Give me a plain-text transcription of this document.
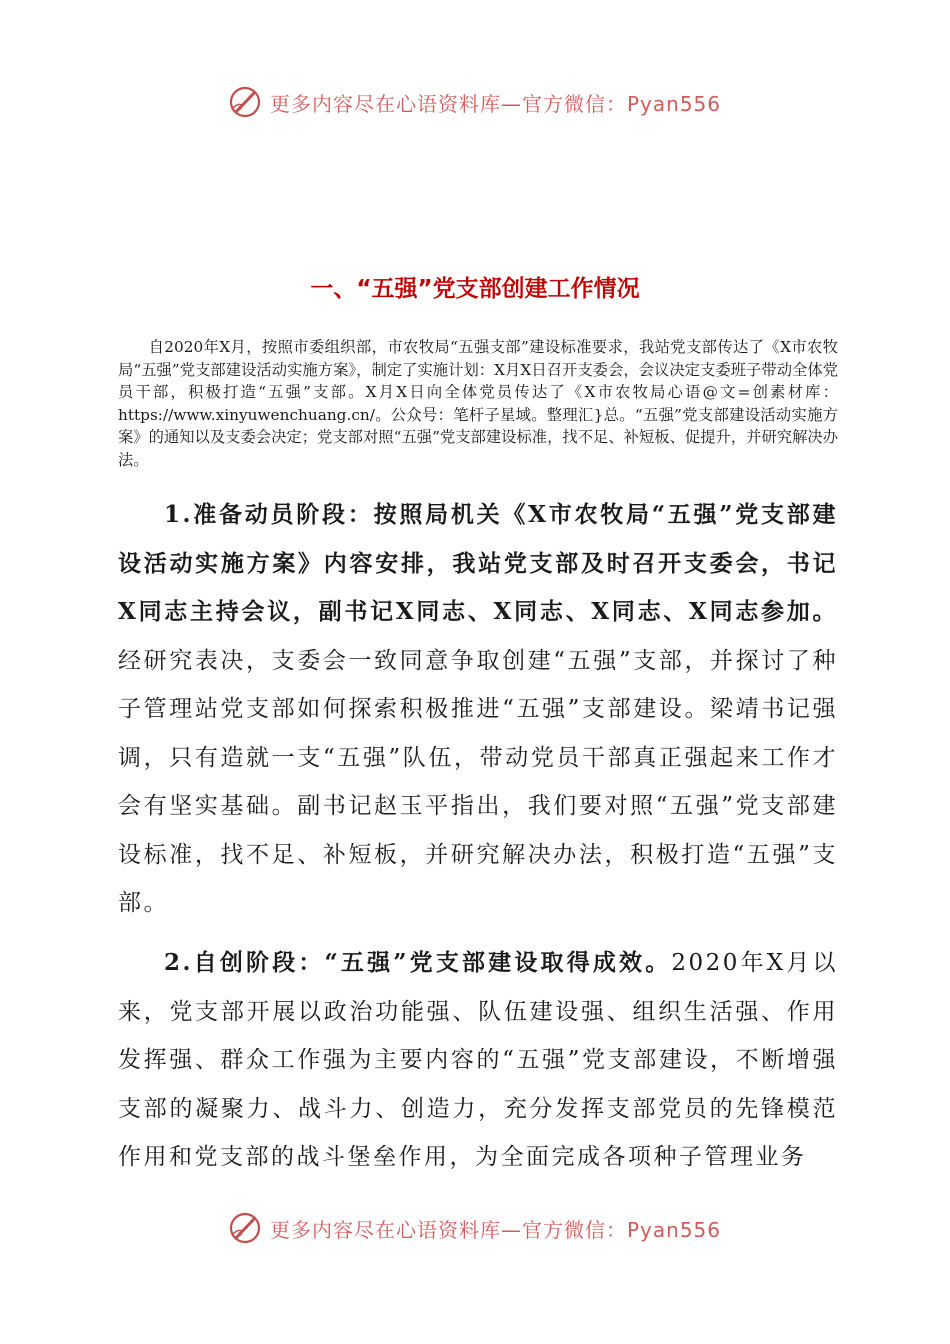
更多内容尽在心语资料库—官方微信：Pyan556
一、“五强”党支部创建工作情况

自2020年X月，按照市委组织部，市农牧局“五强支部”建设标准要求，我站党支部传达了《X市农牧局“五强”党支部建设活动实施方案》，制定了实施计划：X月X日召开支委会，会议决定支委班子带动全体党员干部，积极打造“五强”支部。X月X日向全体党员传达了《X市农牧局心语@文=创素材库：https://www.xinyuwenchuang.cn/。公众号：笔杆子星域。整理汇}总。“五强”党支部建设活动实施方案》的通知以及支委会决定；党支部对照“五强”党支部建设标准，找不足、补短板、促提升，并研究解决办法。

1.准备动员阶段：按照局机关《X市农牧局“五强”党支部建设活动实施方案》内容安排，我站党支部及时召开支委会，书记X同志主持会议，副书记X同志、X同志、X同志、X同志参加。经研究表决，支委会一致同意争取创建“五强”支部，并探讨了种子管理站党支部如何探索积极推进“五强”支部建设。梁靖书记强调，只有造就一支“五强”队伍，带动党员干部真正强起来工作才会有坚实基础。副书记赵玉平指出，我们要对照“五强”党支部建设标准，找不足、补短板，并研究解决办法，积极打造“五强”支部。

2.自创阶段：“五强”党支部建设取得成效。2020年X月以来，党支部开展以政治功能强、队伍建设强、组织生活强、作用发挥强、群众工作强为主要内容的“五强”党支部建设，不断增强支部的凝聚力、战斗力、创造力，充分发挥支部党员的先锋模范作用和党支部的战斗堡垒作用，为全面完成各项种子管理业务

更多内容尽在心语资料库—官方微信：Pyan556
